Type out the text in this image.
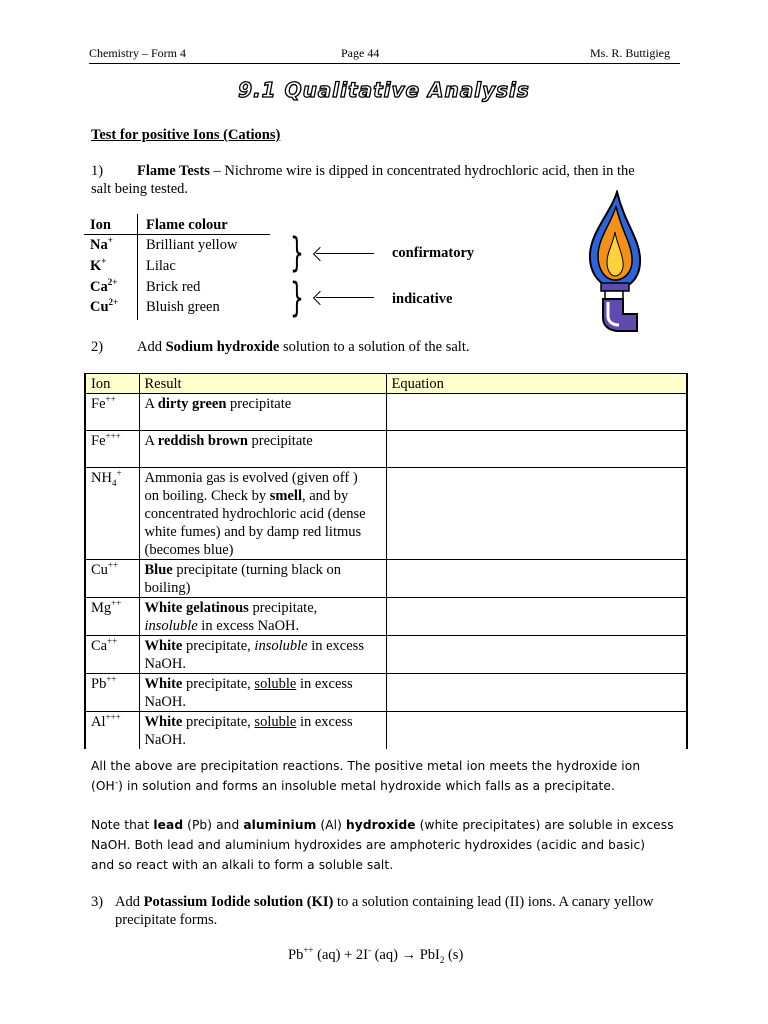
Chemistry – Form 4	Page 44	Ms. R. Buttigieg
9.1 Qualitative Analysis
Test for positive Ions (Cations)
1) Flame Tests – Nichrome wire is dipped in concentrated hydrochloric acid, then in the
salt being tested.
Ion Flame colour
Na+ Brilliant yellow
K+	Lilac
$Ca^{2+}$ Brick red
$Cu^{2+}$ Bluish green
}
}
confirmatory
indicative
2) Add Sodium hydroxide solution to a solution of the salt.
Ion	Result	Equation
Fe++	A dirty green precipitate	
Fe+++	A reddish brown precipitate	
$NH_4^+$	Ammonia gas is evolved (given off )
on boiling. Check by smell, and by
concentrated hydrochloric acid (dense
white fumes) and by damp red litmus
(becomes blue)	
Cu++	Blue precipitate (turning black on
boiling)	
Mg++	White gelatinous precipitate,
insoluble in excess NaOH.	
Ca++	White precipitate, insoluble in excess
NaOH.	
Pb++	White precipitate, soluble in excess
NaOH.	
Al+++	White precipitate, soluble in excess
NaOH.	
All the above are precipitation reactions. The positive metal ion meets the hydroxide ion
(OH-) in solution and forms an insoluble metal hydroxide which falls as a precipitate.
Note that lead (Pb) and aluminium (Al) hydroxide (white precipitates) are soluble in excess
NaOH. Both lead and aluminium hydroxides are amphoteric hydroxides (acidic and basic)
and so react with an alkali to form a soluble salt.
3) Add Potassium Iodide solution (KI) to a solution containing lead (II) ions. A canary yellow
precipitate forms.
Pb++ (aq) + 2I- (aq) → PbI$_2$ (s)
